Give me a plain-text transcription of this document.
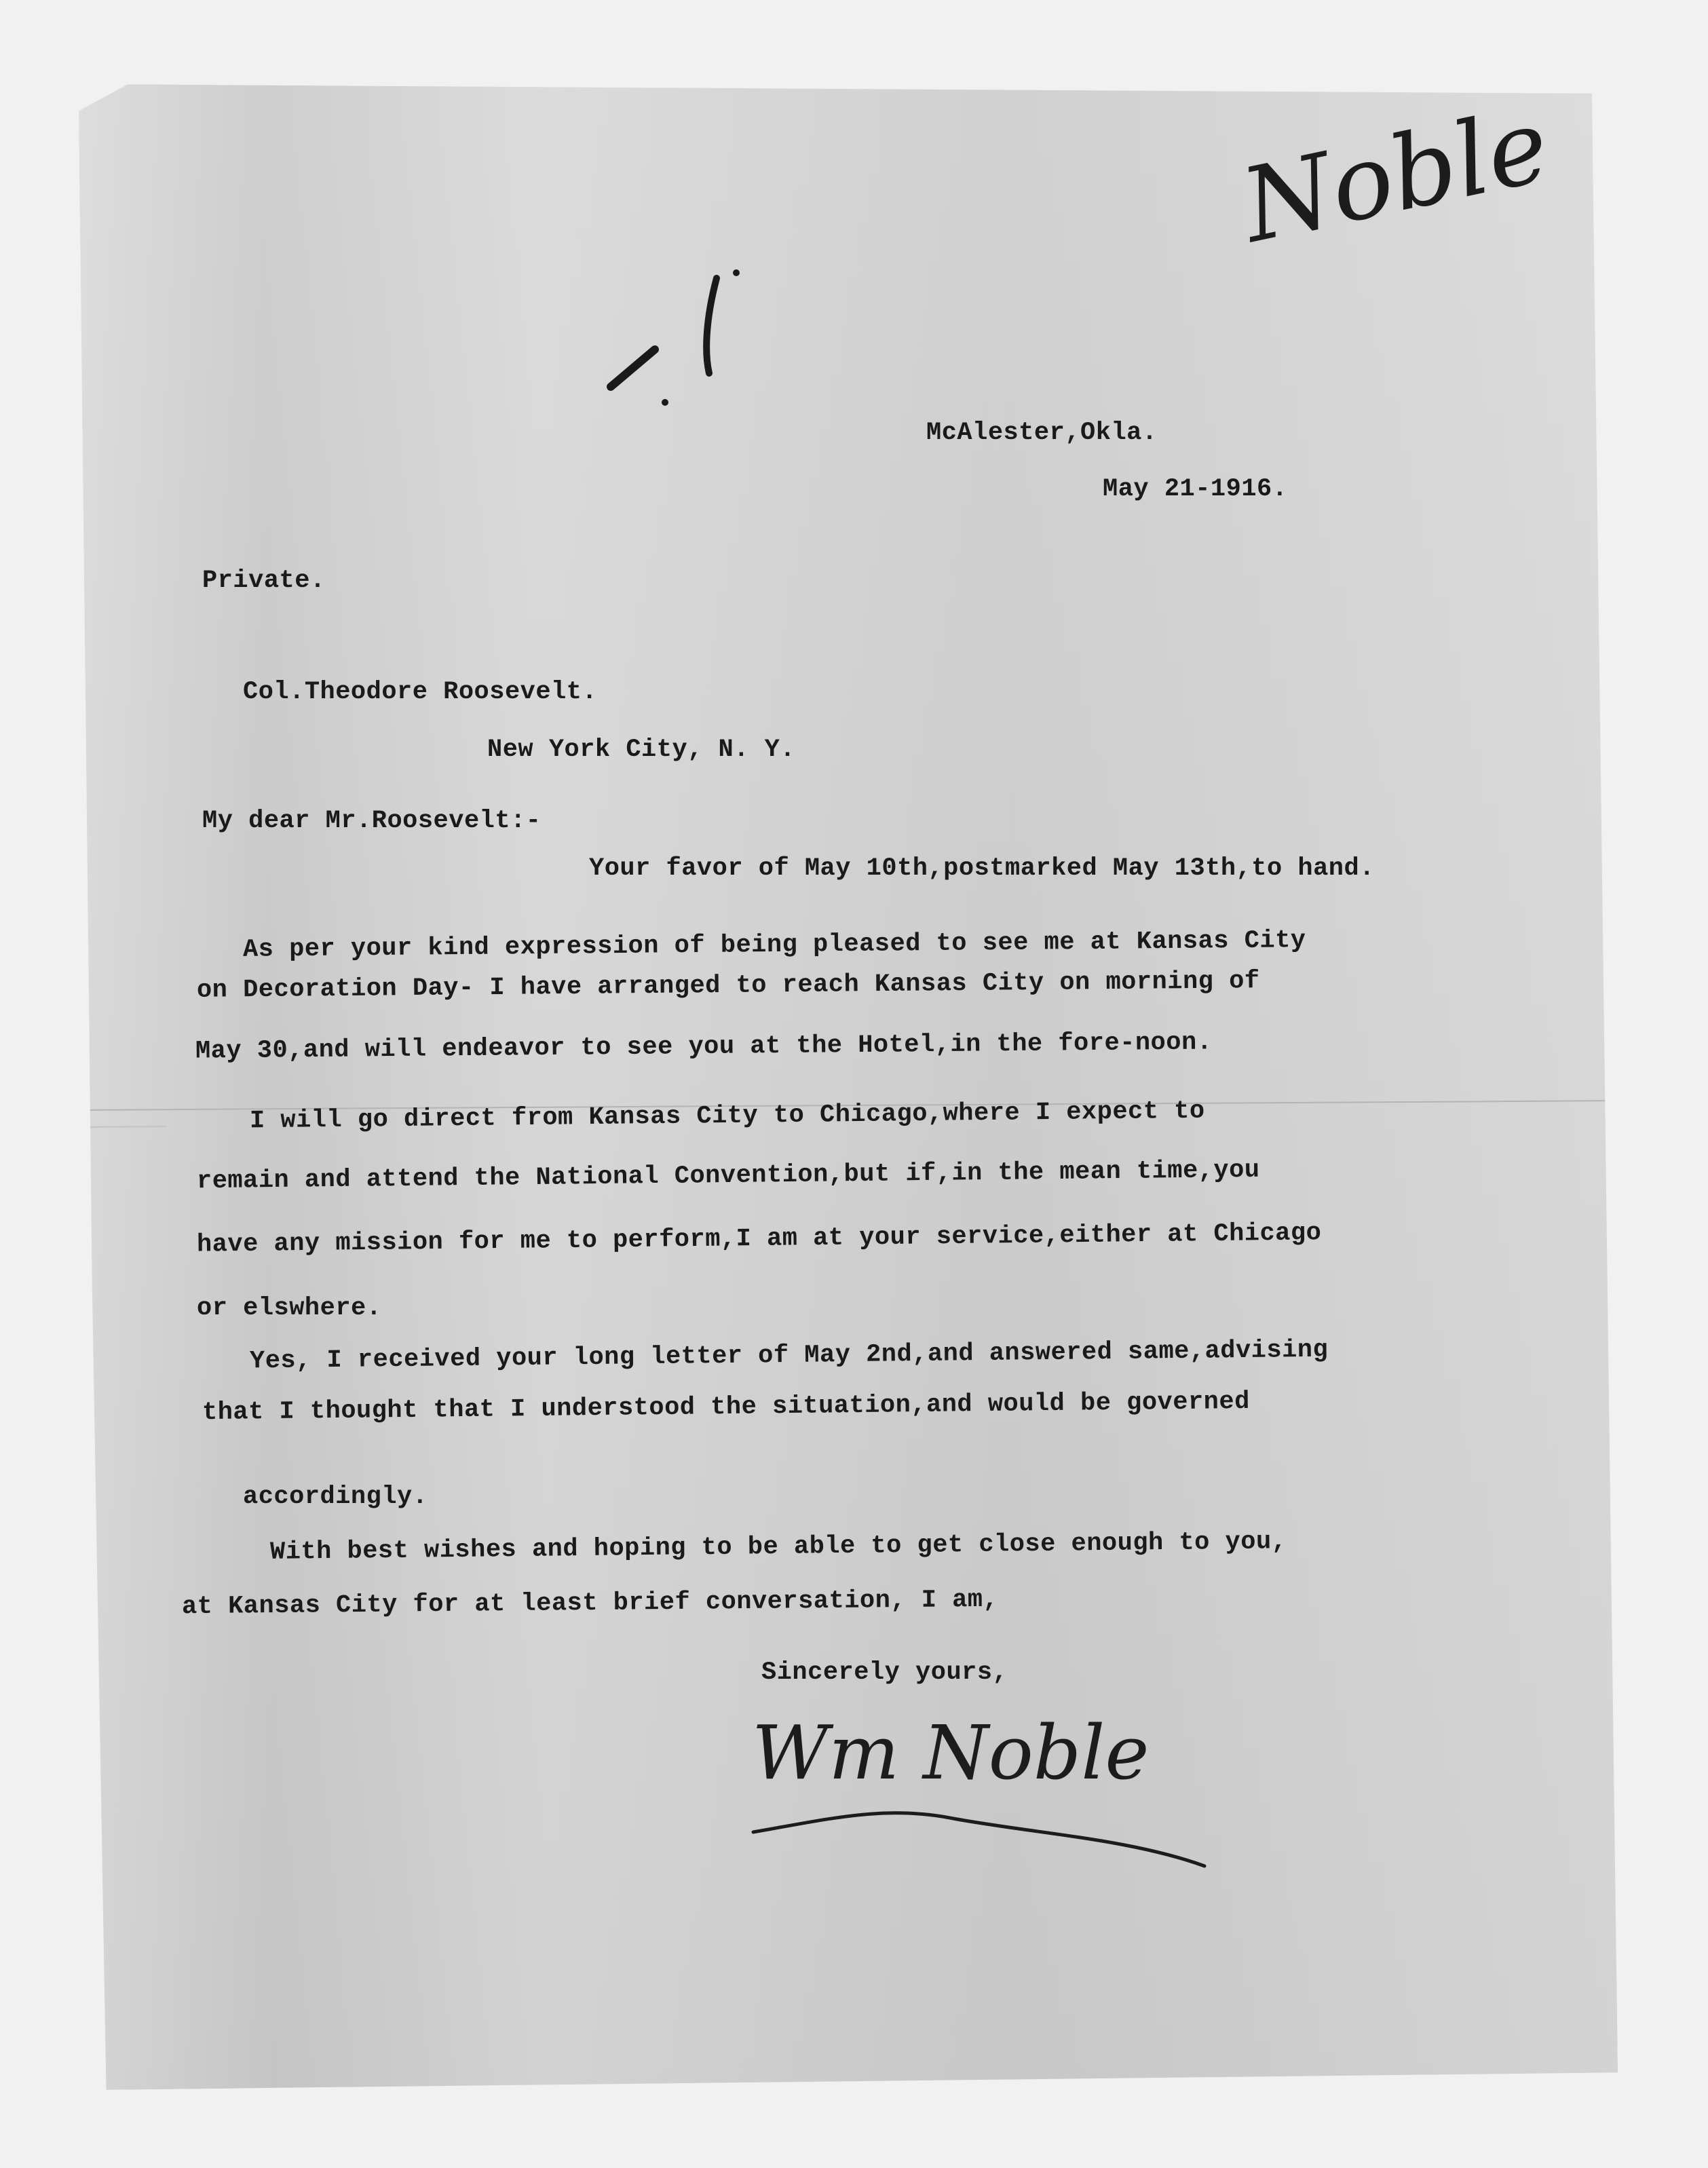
Noble
McAlester,Okla.
May 21-1916.
Private.
Col.Theodore Roosevelt.
New York City, N. Y.
My dear Mr.Roosevelt:-
Your favor of May 10th,postmarked May 13th,to hand.
As per your kind expression of being pleased to see me at Kansas City
on Decoration Day- I have arranged to reach Kansas City on morning of
May 30,and will endeavor to see you at the Hotel,in the fore-noon.
I will go direct from Kansas City to Chicago,where I expect to
remain and attend the National Convention,but if,in the mean time,you
have any mission for me to perform,I am at your service,either at Chicago
or elswhere.
Yes, I received your long letter of May 2nd,and answered same,advising
that I thought that I understood the situation,and would be governed
accordingly.
With best wishes and hoping to be able to get close enough to you,
at Kansas City for at least brief conversation, I am,
Sincerely yours,
Wm Noble
